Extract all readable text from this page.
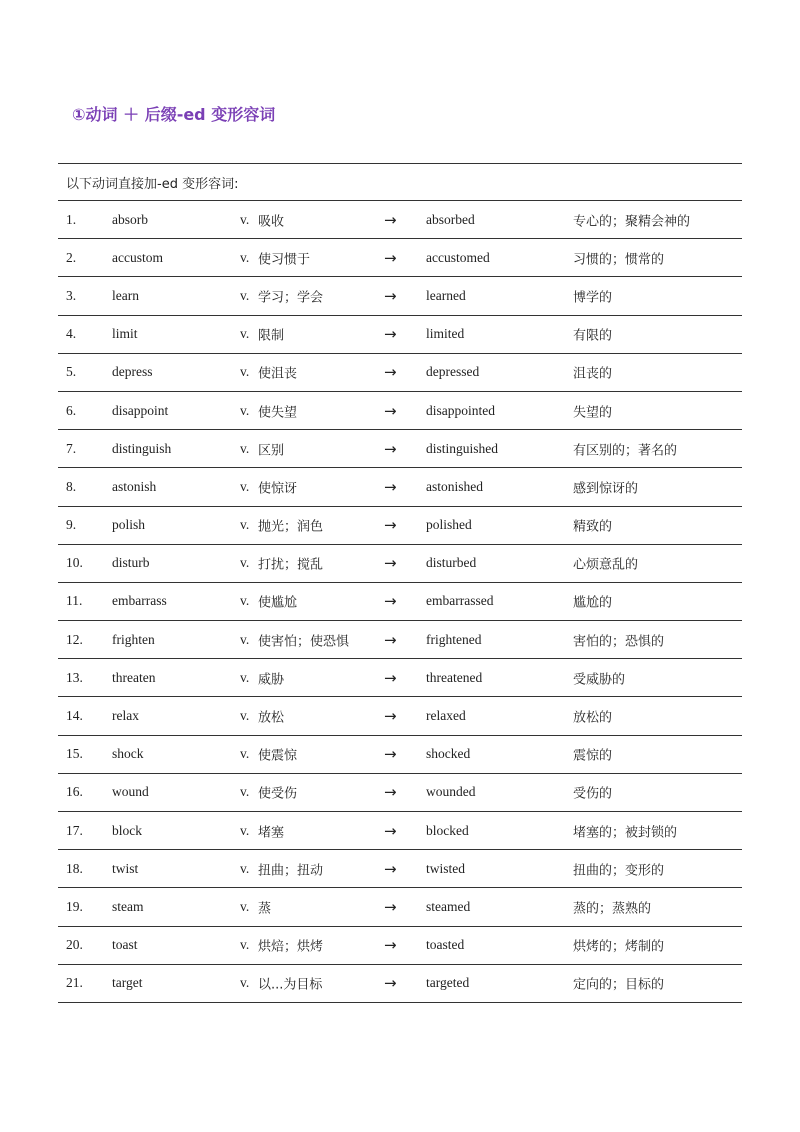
①动词 ＋ 后缀-ed 变形容词
以下动词直接加-ed 变形容词:
1.	absorb	v. 吸收	→ absorbed	专心的；聚精会神的
2.	accustom	v. 使习惯于	→ accustomed	习惯的；惯常的
3.	learn	v. 学习；学会	→ learned	博学的
4.	limit	v. 限制	→ limited	有限的
5.	depress	v. 使沮丧	→ depressed	沮丧的
6.	disappoint	v. 使失望	→ disappointed	失望的
7.	distinguish	v. 区别	→ distinguished	有区别的；著名的
8.	astonish	v. 使惊讶	→ astonished	感到惊讶的
9.	polish	v. 抛光；润色	→ polished	精致的
10. disturb	v. 打扰；搅乱	→ disturbed	心烦意乱的
11. embarrass	v. 使尴尬	→ embarrassed	尴尬的
12. frighten	v. 使害怕；使恐惧 → frightened	害怕的；恐惧的
13. threaten	v. 威胁	→ threatened	受威胁的
14. relax	v. 放松	→ relaxed	放松的
15. shock	v. 使震惊	→ shocked	震惊的
16. wound	v. 使受伤	→ wounded	受伤的
17. block	v. 堵塞	→ blocked	堵塞的；被封锁的
18. twist	v. 扭曲；扭动	→ twisted	扭曲的；变形的
19. steam	v. 蒸	→ steamed	蒸的；蒸熟的
20. toast	v. 烘焙；烘烤	→ toasted	烘烤的；烤制的
21. target	v. 以...为目标	→ targeted	定向的；目标的
